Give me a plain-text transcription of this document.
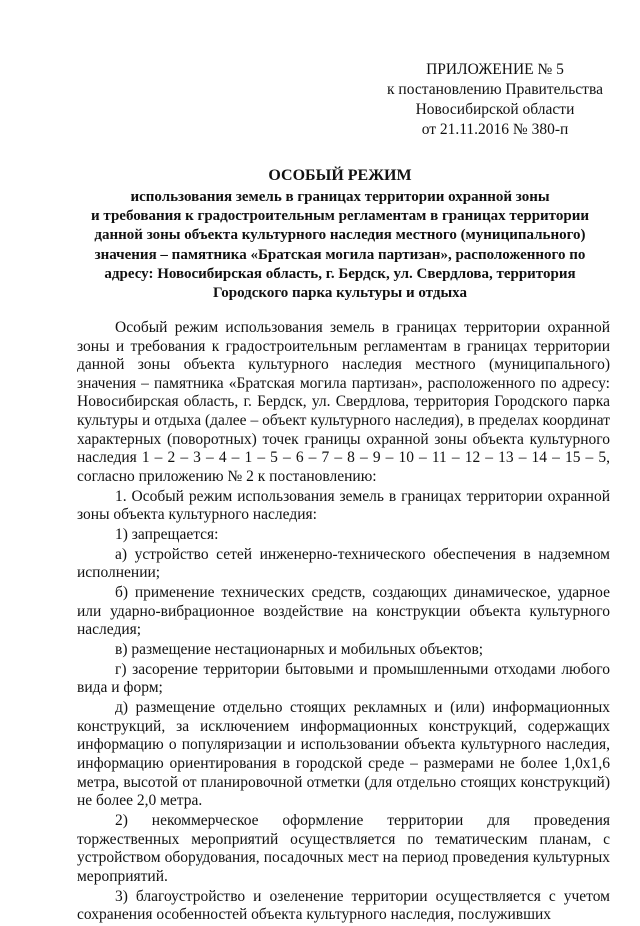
ПРИЛОЖЕНИЕ № 5
к постановлению Правительства
Новосибирской области
от 21.11.2016 № 380-п
ОСОБЫЙ РЕЖИМ
использования земель в границах территории охранной зоны
и требования к градостроительным регламентам в границах территории
данной зоны объекта культурного наследия местного (муниципального)
значения – памятника «Братская могила партизан», расположенного по
адресу: Новосибирская область, г. Бердск, ул. Свердлова, территория
Городского парка культуры и отдыха

Особый режим использования земель в границах территории охранной зоны и требования к градостроительным регламентам в границах территории данной зоны объекта культурного наследия местного (муниципального) значения – памятника «Братская могила партизан», расположенного по адресу: Новосибирская область, г. Бердск, ул. Свердлова, территория Городского парка культуры и отдыха (далее – объект культурного наследия), в пределах координат характерных (поворотных) точек границы охранной зоны объекта культурного наследия 1 – 2 – 3 – 4 – 1 – 5 – 6 – 7 – 8 – 9 – 10 – 11 – 12 – 13 – 14 – 15 – 5, согласно приложению № 2 к постановлению:

1. Особый режим использования земель в границах территории охранной зоны объекта культурного наследия:

1) запрещается:

а) устройство сетей инженерно-технического обеспечения в надземном исполнении;

б) применение технических средств, создающих динамическое, ударное или ударно-вибрационное воздействие на конструкции объекта культурного наследия;

в) размещение нестационарных и мобильных объектов;

г) засорение территории бытовыми и промышленными отходами любого вида и форм;

д) размещение отдельно стоящих рекламных и (или) информационных конструкций, за исключением информационных конструкций, содержащих информацию о популяризации и использовании объекта культурного наследия, информацию ориентирования в городской среде – размерами не более 1,0х1,6 метра, высотой от планировочной отметки (для отдельно стоящих конструкций) не более 2,0 метра.

2) некоммерческое оформление территории для проведения торжественных мероприятий осуществляется по тематическим планам, с устройством оборудования, посадочных мест на период проведения культурных мероприятий.

3) благоустройство и озеленение территории осуществляется с учетом сохранения особенностей объекта культурного наследия, послуживших
